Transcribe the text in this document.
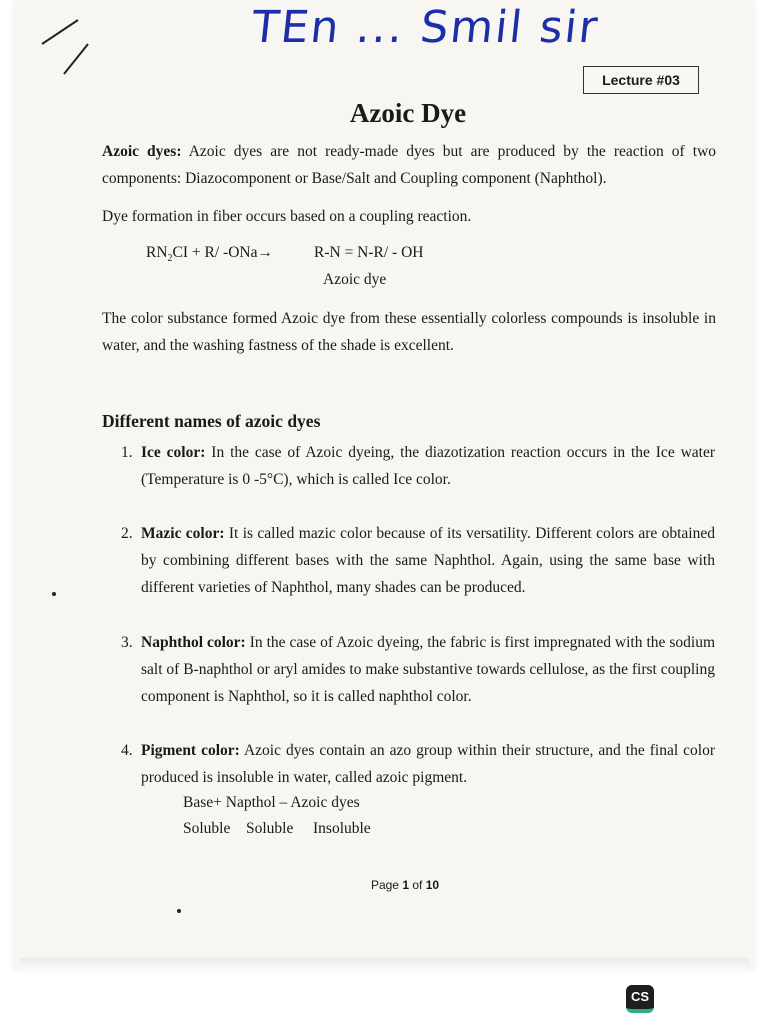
TEn ... Smil sir
Lecture #03
Azoic Dye
Azoic dyes: Azoic dyes are not ready-made dyes but are produced by the reaction of two components: Diazocomponent or Base/Salt and Coupling component (Naphthol).
Dye formation in fiber occurs based on a coupling reaction.
$RN_2CI + R/$ -ONa→	R-N = N-R/ - OH
Azoic dye
The color substance formed Azoic dye from these essentially colorless compounds is insoluble in water, and the washing fastness of the shade is excellent.
Different names of azoic dyes
1. Ice color: In the case of Azoic dyeing, the diazotization reaction occurs in the Ice water (Temperature is 0 -5°C), which is called Ice color.
2. Mazic color: It is called mazic color because of its versatility. Different colors are obtained by combining different bases with the same Naphthol. Again, using the same base with different varieties of Naphthol, many shades can be produced.
3. Naphthol color: In the case of Azoic dyeing, the fabric is first impregnated with the sodium salt of B-naphthol or aryl amides to make substantive towards cellulose, as the first coupling component is Naphthol, so it is called naphthol color.
4. Pigment color: Azoic dyes contain an azo group within their structure, and the final color produced is insoluble in water, called azoic pigment.
Base+ Napthol – Azoic dyes
Soluble Soluble Insoluble
Page 1 of 10
CS
